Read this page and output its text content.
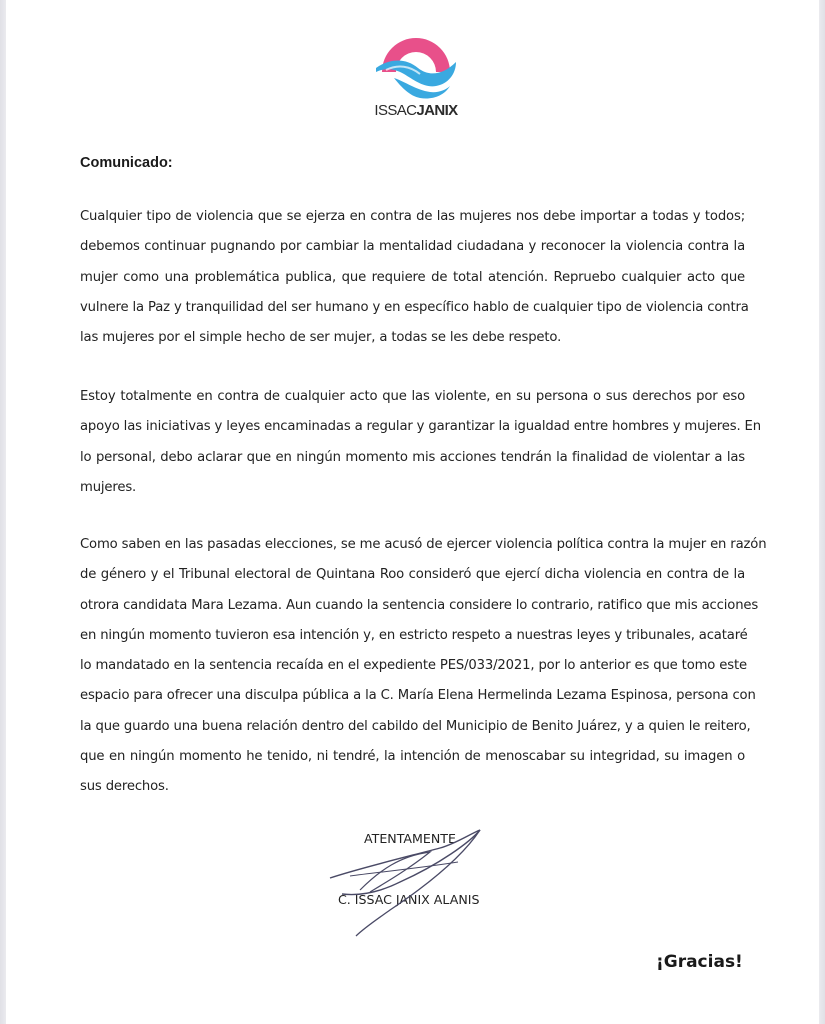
ISSACJANIX
Comunicado:
Cualquier tipo de violencia que se ejerza en contra de las mujeres nos debe importar a todas y todos;
debemos continuar pugnando por cambiar la mentalidad ciudadana y reconocer la violencia contra la
mujer como una problemática publica, que requiere de total atención. Repruebo cualquier acto que
vulnere la Paz y tranquilidad del ser humano y en específico hablo de cualquier tipo de violencia contra
las mujeres por el simple hecho de ser mujer, a todas se les debe respeto.
Estoy totalmente en contra de cualquier acto que las violente, en su persona o sus derechos por eso
apoyo las iniciativas y leyes encaminadas a regular y garantizar la igualdad entre hombres y mujeres. En
lo personal, debo aclarar que en ningún momento mis acciones tendrán la finalidad de violentar a las
mujeres.
Como saben en las pasadas elecciones, se me acusó de ejercer violencia política contra la mujer en razón
de género y el Tribunal electoral de Quintana Roo consideró que ejercí dicha violencia en contra de la
otrora candidata Mara Lezama. Aun cuando la sentencia considere lo contrario, ratifico que mis acciones
en ningún momento tuvieron esa intención y, en estricto respeto a nuestras leyes y tribunales, acataré
lo mandatado en la sentencia recaída en el expediente PES/033/2021, por lo anterior es que tomo este
espacio para ofrecer una disculpa pública a la C. María Elena Hermelinda Lezama Espinosa, persona con
la que guardo una buena relación dentro del cabildo del Municipio de Benito Juárez, y a quien le reitero,
que en ningún momento he tenido, ni tendré, la intención de menoscabar su integridad, su imagen o
sus derechos.
ATENTAMENTE
C. ISSAC JANIX ALANIS
¡Gracias!
